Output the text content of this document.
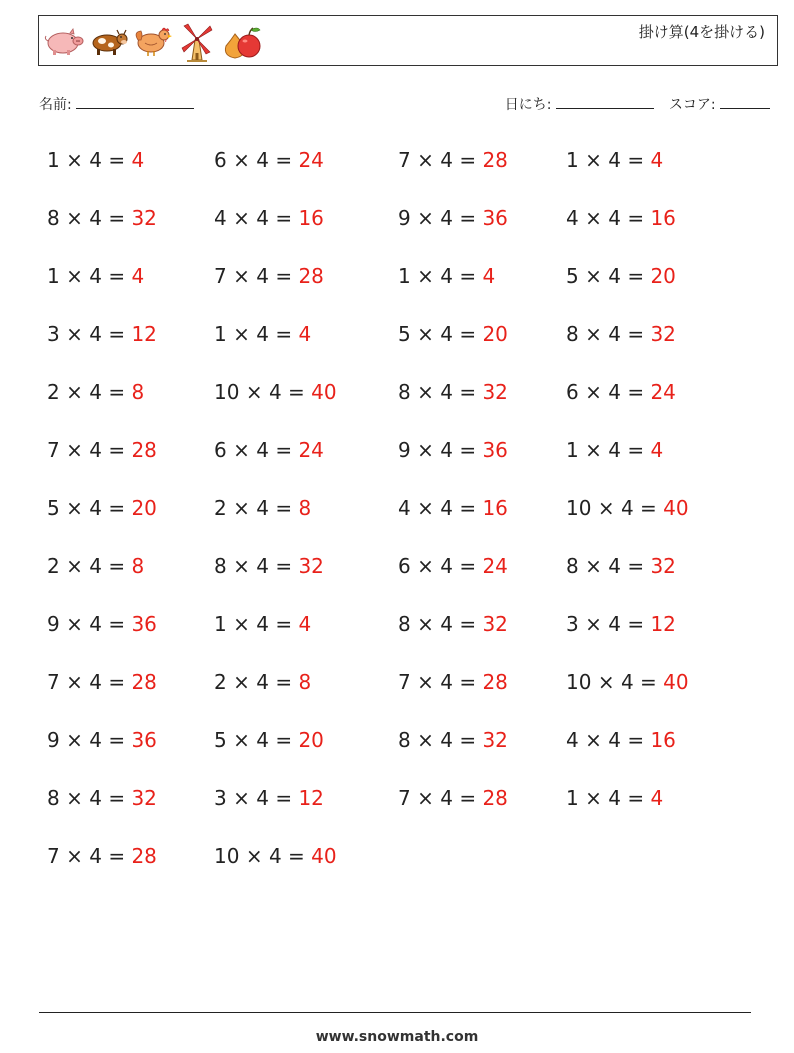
掛け算(4を掛ける)
名前:	日にち:	スコア:
1 × 4 = 4	6 × 4 = 24	7 × 4 = 28	1 × 4 = 4
8 × 4 = 32	4 × 4 = 16	9 × 4 = 36	4 × 4 = 16
1 × 4 = 4	7 × 4 = 28	1 × 4 = 4	5 × 4 = 20
3 × 4 = 12	1 × 4 = 4	5 × 4 = 20	8 × 4 = 32
2 × 4 = 8	10 × 4 = 40	8 × 4 = 32	6 × 4 = 24
7 × 4 = 28	6 × 4 = 24	9 × 4 = 36	1 × 4 = 4
5 × 4 = 20	2 × 4 = 8	4 × 4 = 16	10 × 4 = 40
2 × 4 = 8	8 × 4 = 32	6 × 4 = 24	8 × 4 = 32
9 × 4 = 36	1 × 4 = 4	8 × 4 = 32	3 × 4 = 12
7 × 4 = 28	2 × 4 = 8	7 × 4 = 28	10 × 4 = 40
9 × 4 = 36	5 × 4 = 20	8 × 4 = 32	4 × 4 = 16
8 × 4 = 32	3 × 4 = 12	7 × 4 = 28	1 × 4 = 4
7 × 4 = 28	10 × 4 = 40
www.snowmath.com
